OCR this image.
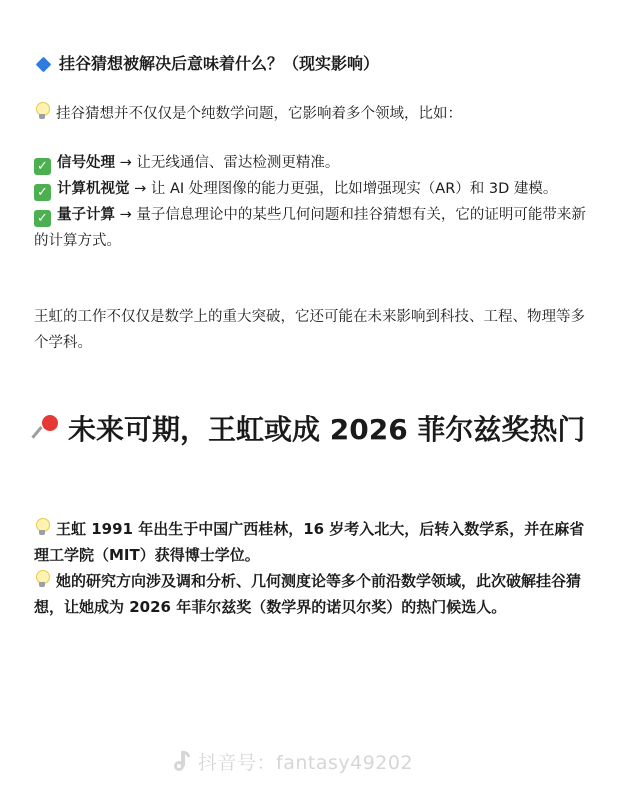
挂谷猜想被解决后意味着什么？（现实影响）
挂谷猜想并不仅仅是个纯数学问题，它影响着多个领域，比如：
✓ 信号处理 → 让无线通信、雷达检测更精准。
✓ 计算机视觉 → 让 AI 处理图像的能力更强，比如增强现实（AR）和 3D 建模。
✓ 量子计算 → 量子信息理论中的某些几何问题和挂谷猜想有关，它的证明可能带来新的计算方式。
王虹的工作不仅仅是数学上的重大突破，它还可能在未来影响到科技、工程、物理等多个学科。
未来可期，王虹或成 2026 菲尔兹奖热门
王虹 1991 年出生于中国广西桂林，16 岁考入北大，后转入数学系，并在麻省理工学院（MIT）获得博士学位。
她的研究方向涉及调和分析、几何测度论等多个前沿数学领域，此次破解挂谷猜想，让她成为 2026 年菲尔兹奖（数学界的诺贝尔奖）的热门候选人。
抖音号：fantasy49202
